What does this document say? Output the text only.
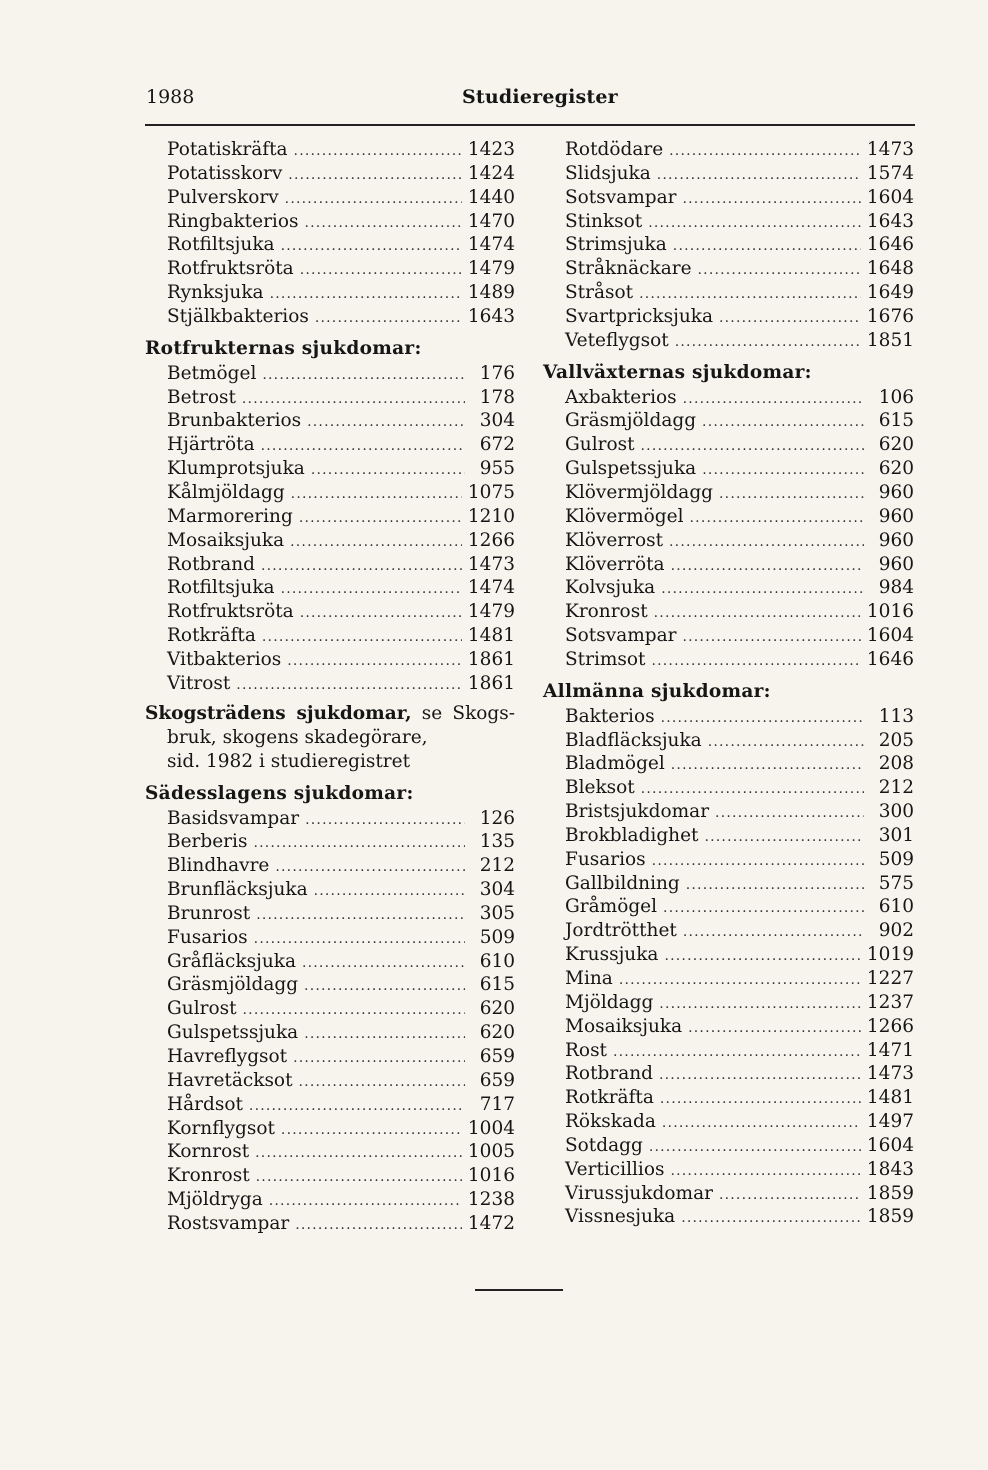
1988	Studieregister
Potatiskräfta .....	1423
Potatisskorv .....	1424
Pulverskorv .....	1440
Ringbakterios .....	1470
Rotfiltsjuka .....	1474
Rotfruktsröta .....	1479
Rynksjuka .....	1489
Stjälkbakterios .....	1643
Rotfrukternas sjukdomar:
Betmögel .....	176
Betrost .....	178
Brunbakterios .....	304
Hjärtröta .....	672
Klumprotsjuka .....	955
Kålmjöldagg .....	1075
Marmorering .....	1210
Mosaiksjuka .....	1266
Rotbrand .....	1473
Rotfiltsjuka .....	1474
Rotfruktsröta .....	1479
Rotkräfta .....	1481
Vitbakterios .....	1861
Vitrost .....	1861
Skogsträdens sjukdomar, se Skogs-
bruk, skogens skadegörare,
sid. 1982 i studieregistret
Sädesslagens sjukdomar:
Basidsvampar .....	126
Berberis .....	135
Blindhavre .....	212
Brunfläcksjuka .....	304
Brunrost .....	305
Fusarios .....	509
Gråfläcksjuka .....	610
Gräsmjöldagg .....	615
Gulrost .....	620
Gulspetssjuka .....	620
Havreflygsot .....	659
Havretäcksot .....	659
Hårdsot .....	717
Kornflygsot .....	1004
Kornrost .....	1005
Kronrost .....	1016
Mjöldryga .....	1238
Rostsvampar .....	1472
Rotdödare .....	1473
Slidsjuka .....	1574
Sotsvampar .....	1604
Stinksot .....	1643
Strimsjuka .....	1646
Stråknäckare .....	1648
Stråsot .....	1649
Svartpricksjuka .....	1676
Veteflygsot .....	1851
Vallväxternas sjukdomar:
Axbakterios .....	106
Gräsmjöldagg .....	615
Gulrost .....	620
Gulspetssjuka .....	620
Klövermjöldagg .....	960
Klövermögel .....	960
Klöverrost .....	960
Klöverröta .....	960
Kolvsjuka .....	984
Kronrost .....	1016
Sotsvampar .....	1604
Strimsot .....	1646
Allmänna sjukdomar:
Bakterios .....	113
Bladfläcksjuka .....	205
Bladmögel .....	208
Bleksot .....	212
Bristsjukdomar .....	300
Brokbladighet .....	301
Fusarios .....	509
Gallbildning .....	575
Gråmögel .....	610
Jordtrötthet .....	902
Krussjuka .....	1019
Mina .....	1227
Mjöldagg .....	1237
Mosaiksjuka .....	1266
Rost .....	1471
Rotbrand .....	1473
Rotkräfta .....	1481
Rökskada .....	1497
Sotdagg .....	1604
Verticillios .....	1843
Virussjukdomar .....	1859
Vissnesjuka .....	1859
